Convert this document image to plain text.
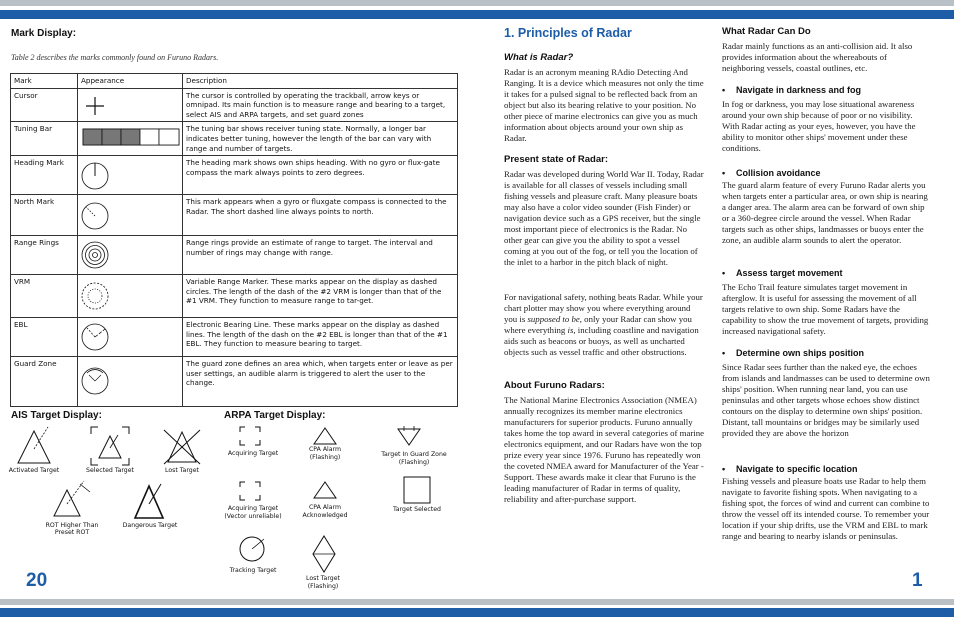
Mark Display:
Table 2 describes the marks commonly found on Furuno Radars.
Mark	Appearance	Description
Cursor		The cursor is controlled by operating the trackball, arrow keys or omnipad. Its main function is to measure range and bearing to a target, select AIS and ARPA targets, and set guard zones
Tuning Bar		The tuning bar shows receiver tuning state. Normally, a longer bar indicates better tuning, however the length of the bar can vary with range and number of targets.
Heading Mark		The heading mark shows own ships heading. With no gyro or flux-gate compass the mark always points to zero degrees.
North Mark		This mark appears when a gyro or fluxgate compass is connected to the Radar. The short dashed line always points to north.
Range Rings		Range rings provide an estimate of range to target. The interval and number of rings may change with range.
VRM		Variable Range Marker. These marks appear on the display as dashed circles. The length of the dash of the #2 VRM is longer than that of the #1 VRM. They function to measure range to tar-get.
EBL		Electronic Bearing Line. These marks appear on the display as dashed lines. The length of the dash on the #2 EBL is longer than that of the #1 EBL. They function to measure bearing to target.
Guard Zone		The guard zone defines an area which, when targets enter or leave as per user settings, an audible alarm is triggered to alert the user to the change.
AIS Target Display:
Activated Target	Selected Target	Lost Target
ROT Higher Than
Preset ROT
Dangerous Target
ARPA Target Display:
Acquiring Target
CPA Alarm
(Flashing)	Target In Guard Zone
(Flashing)
Acquiring Target
(Vector unreliable)
CPA Alarm
Acknowledged
Target Selected
Tracking Target
Lost Target
(Flashing)
20
1. Principles of Radar
What is Radar?
Radar is an acronym meaning RAdio Detecting And Ranging. It is a device which measures not only the time it takes for a pulsed signal to be reflected back from an object but also its bearing relative to your position. No other piece of marine electronics can give you as much information about objects around your own ship as Radar.
Present state of Radar:
Radar was developed during World War II. Today, Radar is available for all classes of vessels including small fishing vessels and pleasure craft. Many pleasure boats may also have a color video sounder (Fish Finder) or navigation device such as a GPS receiver, but the single most important piece of electronics is the Radar. No other gear can give you the ability to spot a vessel coming at you out of the fog, or tell you the location of the inlet to a harbor in the pitch black of night.
For navigational safety, nothing beats Radar. While your chart plotter may show you where everything around you is supposed to be, only your Radar can show you where everything is, including coastline and navigation aids such as beacons or buoys, as well as uncharted objects such as vessel traffic and other obstructions.
About Furuno Radars:
The National Marine Electronics Association (NMEA) annually recognizes its member marine electronics manufacturers for superior products. Furuno annually takes home the top award in several categories of marine electronics equipment, and our Radars have won the top prize every year since 1976. Furuno has repeatedly won the coveted NMEA award for Manufacturer of the Year - Support. These awards make it clear that Furuno is the leading manufacturer of Radar in terms of quality, reliability and after-purchase support.
What Radar Can Do
Radar mainly functions as an anti-collision aid. It also provides information about the whereabouts of neighboring vessels, coastal outlines, etc.
• Navigate in darkness and fog
In fog or darkness, you may lose situational awareness around your own ship because of poor or no visibility. With Radar acting as your eyes, however, you have the ability to monitor other ships' movement under these conditions.
• Collision avoidance
The guard alarm feature of every Furuno Radar alerts you when targets enter a particular area, or own ship is nearing a danger area. The alarm area can be forward of own ship or a 360-degree circle around the vessel. When Radar targets such as other ships, landmasses or buoys enter the zone, an audible alarm sounds to alert the operator.
• Assess target movement
The Echo Trail feature simulates target movement in afterglow. It is useful for assessing the movement of all targets relative to own ship. Some Radars have the capability to show the true movement of targets, providing increased navigational safety.
• Determine own ships position
Since Radar sees further than the naked eye, the echoes from islands and landmasses can be used to determine own ships' position. When running near land, you can use peninsulas and other targets whose echoes show distinct contours on the display to determine own ships' position. Distant, tall mountains or bridges may be similarly used provided they are above the horizon
• Navigate to specific location
Fishing vessels and pleasure boats use Radar to help them navigate to favorite fishing spots. When navigating to a fishing spot, the forces of wind and current can combine to throw the vessel off its intended course. To remember your location if your ship drifts, use the VRM and EBL to mark range and bearing to nearby islands or peninsulas.
1
